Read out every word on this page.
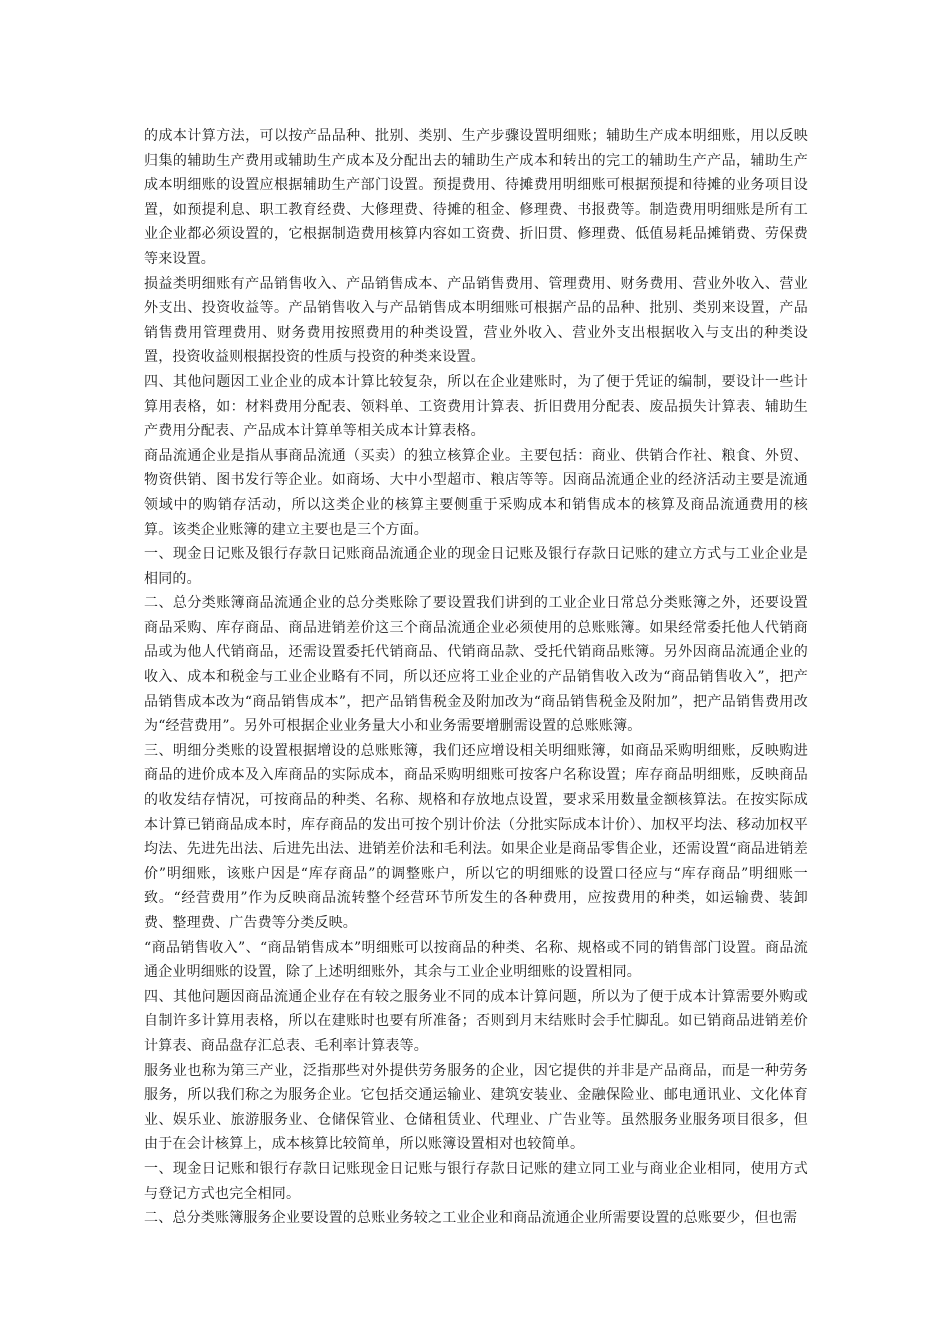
的成本计算方法，可以按产品品种、批别、类别、生产步骤设置明细账；辅助生产成本明细账，用以反映归集的辅助生产费用或辅助生产成本及分配出去的辅助生产成本和转出的完工的辅助生产产品，辅助生产成本明细账的设置应根据辅助生产部门设置。预提费用、待摊费用明细账可根据预提和待摊的业务项目设置，如预提利息、职工教育经费、大修理费、待摊的租金、修理费、书报费等。制造费用明细账是所有工业企业都必须设置的，它根据制造费用核算内容如工资费、折旧贯、修理费、低值易耗品摊销费、劳保费等来设置。

损益类明细账有产品销售收入、产品销售成本、产品销售费用、管理费用、财务费用、营业外收入、营业外支出、投资收益等。产品销售收入与产品销售成本明细账可根据产品的品种、批别、类别来设置，产品销售费用管理费用、财务费用按照费用的种类设置，营业外收入、营业外支出根据收入与支出的种类设置，投资收益则根据投资的性质与投资的种类来设置。

四、其他问题因工业企业的成本计算比较复杂，所以在企业建账时，为了便于凭证的编制，要设计一些计算用表格，如：材料费用分配表、领料单、工资费用计算表、折旧费用分配表、废品损失计算表、辅助生产费用分配表、产品成本计算单等相关成本计算表格。

商品流通企业是指从事商品流通（买卖）的独立核算企业。主要包括：商业、供销合作社、粮食、外贸、物资供销、图书发行等企业。如商场、大中小型超市、粮店等等。因商品流通企业的经济活动主要是流通领域中的购销存活动，所以这类企业的核算主要侧重于采购成本和销售成本的核算及商品流通费用的核算。该类企业账簿的建立主要也是三个方面。

一、现金日记账及银行存款日记账商品流通企业的现金日记账及银行存款日记账的建立方式与工业企业是相同的。

二、总分类账簿商品流通企业的总分类账除了要设置我们讲到的工业企业日常总分类账簿之外，还要设置商品采购、库存商品、商品进销差价这三个商品流通企业必须使用的总账账簿。如果经常委托他人代销商品或为他人代销商品，还需设置委托代销商品、代销商品款、受托代销商品账簿。另外因商品流通企业的收入、成本和税金与工业企业略有不同，所以还应将工业企业的产品销售收入改为“商品销售收入”，把产品销售成本改为“商品销售成本”，把产品销售税金及附加改为“商品销售税金及附加”，把产品销售费用改为“经营费用”。另外可根据企业业务量大小和业务需要增删需设置的总账账簿。

三、明细分类账的设置根据增设的总账账簿，我们还应增设相关明细账簿，如商品采购明细账，反映购进商品的进价成本及入库商品的实际成本，商品采购明细账可按客户名称设置；库存商品明细账，反映商品的收发结存情况，可按商品的种类、名称、规格和存放地点设置，要求采用数量金额核算法。在按实际成本计算已销商品成本时，库存商品的发出可按个别计价法（分批实际成本计价）、加权平均法、移动加权平均法、先进先出法、后进先出法、进销差价法和毛利法。如果企业是商品零售企业，还需设置“商品进销差价”明细账，该账户因是“库存商品”的调整账户，所以它的明细账的设置口径应与“库存商品”明细账一致。“经营费用”作为反映商品流转整个经营环节所发生的各种费用，应按费用的种类，如运输费、装卸费、整理费、广告费等分类反映。

“商品销售收入”、“商品销售成本”明细账可以按商品的种类、名称、规格或不同的销售部门设置。商品流通企业明细账的设置，除了上述明细账外，其余与工业企业明细账的设置相同。

四、其他问题因商品流通企业存在有较之服务业不同的成本计算问题，所以为了便于成本计算需要外购或自制许多计算用表格，所以在建账时也要有所准备；否则到月末结账时会手忙脚乱。如已销商品进销差价计算表、商品盘存汇总表、毛利率计算表等。

服务业也称为第三产业，泛指那些对外提供劳务服务的企业，因它提供的并非是产品商品，而是一种劳务服务，所以我们称之为服务企业。它包括交通运输业、建筑安装业、金融保险业、邮电通讯业、文化体育业、娱乐业、旅游服务业、仓储保管业、仓储租赁业、代理业、广告业等。虽然服务业服务项目很多，但由于在会计核算上，成本核算比较简单，所以账簿设置相对也较简单。

一、现金日记账和银行存款日记账现金日记账与银行存款日记账的建立同工业与商业企业相同，使用方式与登记方式也完全相同。

二、总分类账簿服务企业要设置的总账业务较之工业企业和商品流通企业所需要设置的总账要少，但也需
